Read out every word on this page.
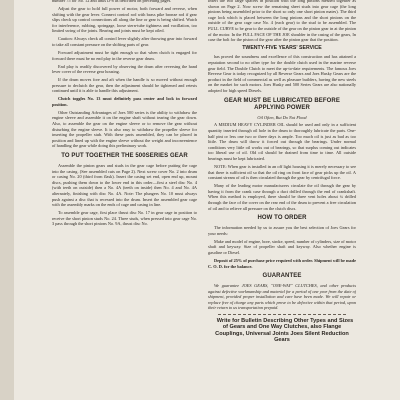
number 75 for No. 12 and links D-8 as described on preceding pages.

Adjust the gear to hold full power of motor, both forward and reverse, when shifting with the gear lever. Connect control rod with brass pike bronze rod if gear slips check up control connections all along the line or gear is being shifted. Watch for interference, rubbing, springage, loose stern-tube tightness and vacillation, too limited swing of the joints. Bearing and joints must be kept oiled.

Caution: Always check all control lever slightly after throwing gear into forward to take all constant pressure on the shifting parts of gear.

Forward adjustment must be tight enough so that when clutch is engaged for forward there must be no end play in the reverse gear drum.

End play is readily discovered by observing the drum after reversing the hand lever cover of the reverse gear housing.

If the drum moves fore and aft when the handle is so moved without enough pressure to declutch the gear, then the adjustment should be tightened and retests continued until it is able to handle this adjustment.

Clutch toggles No. 13 must definitely pass center and lock in forward position.

Other Outstanding Advantages of Joes 500 series is the ability to withdraw the engine sleeve and assemble it on the engine shaft without tearing the gear down. Also, to assemble the gear on the engine sleeve or to remove the gear without disturbing the engine sleeve. It is also easy to withdraw the propeller sleeve for inserting the propeller stub. With these parts assembled, they can be placed in position and lined up with the engine sleeve without the weight and inconvenience of handling the gear while doing this preliminary work.

TO PUT TOGETHER THE 500SERIES GEAR

Assemble the pinion gears and studs in the gear cage before putting the cage into the casing. (See assembled cuts on Page 2). Next screw cover No. 2 into drum or casing No. 20 (third from flask). Insert the casing set end, open end up, mount discs, pushing them down to the lower end in this order—first a steel disc No. 4 (with teeth on outside) then a No. 4A (teeth on inside) then No. 4 and No. 4A alternately, finishing with disc No. 4A. Note: The plungers No. 10 must always push against a disc that is recessed into the drum. Insert the assembled gear cage with the assembly marks on the ends of cage and casing in line.

To assemble gear cage, first place thrust disc No. 17 in gear cage in position to receive the short pinion studs No. 24. Three studs, when pressed into gear cage No. 3 pass through the short pinions No. 9A, thrust disc No.

Insert the two large spacers in position with the long pinions meshed together as shown on Page 2. Now screw the remaining sheet studs into gear cage (the long pinions being assembled prior to the short so only one short pinion mates). The third cage lock which is placed between the long pinions and the short pinions on the outside of the gear cage case No. 4 (each gear) to the stud to be assembled. The FULL CURVE to be gear to the outside of the gear on the pinion gear in at the pinion of the motor. In the FULL FACE OF THE JOE shoulder in the casing of the gears, In case the bolt for the piston of the gear after the pinion gear that the position.

TWENTY-FIVE YEARS' SERVICE

has proved the soundness and excellence of this construction and has attained a reputation second to no other type for the double clutch used in the marine reverse gear field. The Double Clutch to meet the up-to-date requirements. The famous Joes Reverse Gear is today recognized by all Reverse Gears and Joes Husky Gears are the product in the field of commercial as well as pleasure builders, having the new steels on the market for such motors. Joes Husky and 500 Series Gears are also nationally adopted for high speed Diesels.

GEAR MUST BE LUBRICATED BEFORE APPLYING POWER

Oil Often, But Do Not Flood

A MEDIUM HEAVY CYLINDER OIL should be used and only in a sufficient quantity inserted through oil hole in the drum to thoroughly lubricate the parts. One-half pint or less one two or three days is ample. Too much oil is just as bad as too little. The drum will throw it forced out through the bearings. Under normal conditions very little oil works out of bearings, so that surplus coming out indicates too liberal use of oil. Old oil should be drained from time to time. All outside bearings must be kept lubricated.

NOTE: When gear is installed in an off light housing it is merely necessary to see that there is sufficient oil so that the oil ring on front face of gear picks up the oil. A constant stream of oil is then circulated through the gear by centrifugal force.

Many of the leading motor manufacturers circulate the oil through the gear by having it from the crank case through a duct drilled through the end of crankshaft. When this method is employed, there should be three vent holes about ¼ drilled through the face of the cover on the rear end of the drum to prevent a free circulation of oil and to relieve all pressure on the clutch discs.

HOW TO ORDER

The information needed by us to assure you the best selection of Joes Gears for your needs:

Make and model of engine, bore, stroke, speed, number of cylinders, size of motor shaft and keyway. Size of propeller shaft and keyway. Also whether engine is gasoline or Diesel.

Deposit of 25% of purchase price required with order. Shipment will be made C. O. D. for the balance.

GUARANTEE

We guarantee JOES GEARS, "ONE-WAY" CLUTCHES, and other products against defective workmanship and material for a period of one year from the date of shipment, provided proper installation and care have been made. We will repair or replace free of charge any parts which prove to be defective within that period, upon their return to us transportation prepaid.

Write for Bulletin Describing Other Types and Sizes of Gears and One Way Clutches, also Flange Couplings, Universal Joints Joes Silent Reduction Gears
